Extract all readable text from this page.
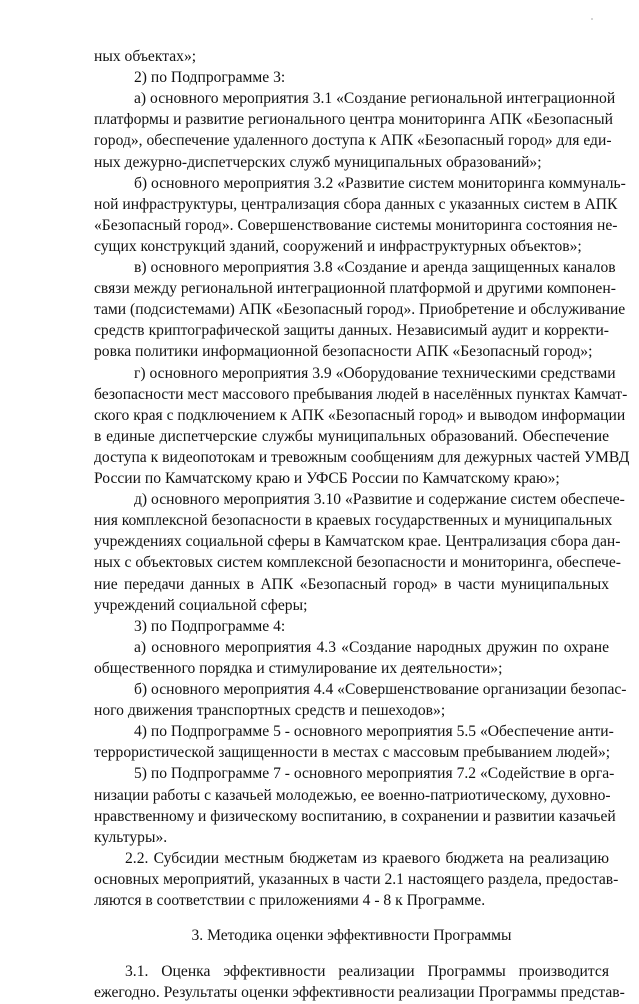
ных объектах»;
2) по Подпрограмме 3:
а) основного мероприятия 3.1 «Создание региональной интеграционной
платформы и развитие регионального центра мониторинга АПК «Безопасный
город», обеспечение удаленного доступа к АПК «Безопасный город» для еди-
ных дежурно-диспетчерских служб муниципальных образований»;
б) основного мероприятия 3.2 «Развитие систем мониторинга коммуналь-
ной инфраструктуры, централизация сбора данных с указанных систем в АПК
«Безопасный город». Совершенствование системы мониторинга состояния не-
сущих конструкций зданий, сооружений и инфраструктурных объектов»;
в) основного мероприятия 3.8 «Создание и аренда защищенных каналов
связи между региональной интеграционной платформой и другими компонен-
тами (подсистемами) АПК «Безопасный город». Приобретение и обслуживание
средств криптографической защиты данных. Независимый аудит и корректи-
ровка политики информационной безопасности АПК «Безопасный город»;
г) основного мероприятия 3.9 «Оборудование техническими средствами
безопасности мест массового пребывания людей в населённых пунктах Камчат-
ского края с подключением к АПК «Безопасный город» и выводом информации
в единые диспетчерские службы муниципальных образований. Обеспечение
доступа к видеопотокам и тревожным сообщениям для дежурных частей УМВД
России по Камчатскому краю и УФСБ России по Камчатскому краю»;
д) основного мероприятия 3.10 «Развитие и содержание систем обеспече-
ния комплексной безопасности в краевых государственных и муниципальных
учреждениях социальной сферы в Камчатском крае. Централизация сбора дан-
ных с объектовых систем комплексной безопасности и мониторинга, обеспече-
ние передачи данных в АПК «Безопасный город» в части муниципальных
учреждений социальной сферы;
3) по Подпрограмме 4:
а) основного мероприятия 4.3 «Создание народных дружин по охране
общественного порядка и стимулирование их деятельности»;
б) основного мероприятия 4.4 «Совершенствование организации безопас-
ного движения транспортных средств и пешеходов»;
4) по Подпрограмме 5 - основного мероприятия 5.5 «Обеспечение анти-
террористической защищенности в местах с массовым пребыванием людей»;
5) по Подпрограмме 7 - основного мероприятия 7.2 «Содействие в орга-
низации работы с казачьей молодежью, ее военно-патриотическому, духовно-
нравственному и физическому воспитанию, в сохранении и развитии казачьей
культуры».
3. Методика оценки эффективности Программы
3.1. Оценка эффективности реализации Программы производится
ежегодно. Результаты оценки эффективности реализации Программы представ-
2.2. Субсидии местным бюджетам из краевого бюджета на реализацию
основных мероприятий, указанных в части 2.1 настоящего раздела, предостав-
ляются в соответствии с приложениями 4 - 8 к Программе.
